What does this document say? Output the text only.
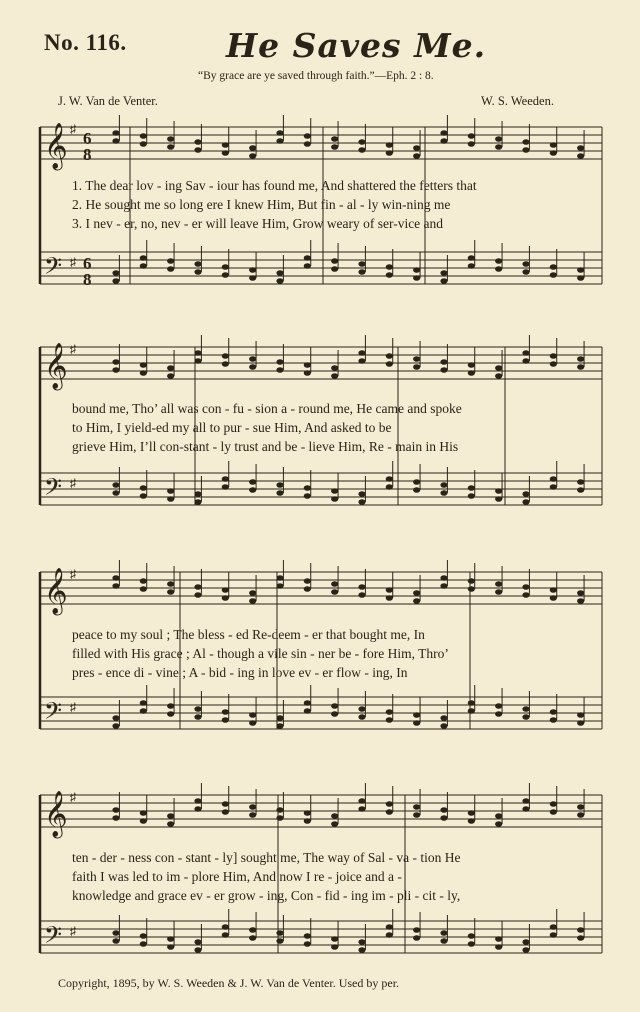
No. 116.	He Saves Me.
“By grace are ye saved through faith.”—Eph. 2 : 8.
J. W. Van de Venter.	W. S. Weeden.
𝄞 ♯ 6
8
𝄢 ♯ 6
8
𝄞 ♯
𝄢 ♯
𝄞 ♯
𝄢 ♯
𝄞 ♯
𝄢 ♯
1. The dear lov - ing Sav - iour has found me, And shattered the fetters that
2. He sought me so long ere I knew Him, But fin - al - ly win-ning me
3. I nev - er, no, nev - er will leave Him, Grow weary of ser-vice and
bound me, Tho’ all was con - fu - sion a - round me, He came and spoke
to Him, I yield-ed my all to pur - sue Him, And asked to be
grieve Him, I’ll con-stant - ly trust and be - lieve Him, Re - main in His
peace to my soul ; The bless - ed Re-deem - er that bought me, In
filled with His grace ; Al - though a vile sin - ner be - fore Him, Thro’
pres - ence di - vine ; A - bid - ing in love ev - er flow - ing, In
ten - der - ness con - stant - ly] sought me, The way of Sal - va - tion He
faith I was led to im - plore Him, And now I re - joice and a -
knowledge and grace ev - er grow - ing, Con - fid - ing im - pli - cit - ly,
Copyright, 1895, by W. S. Weeden & J. W. Van de Venter. Used by per.
